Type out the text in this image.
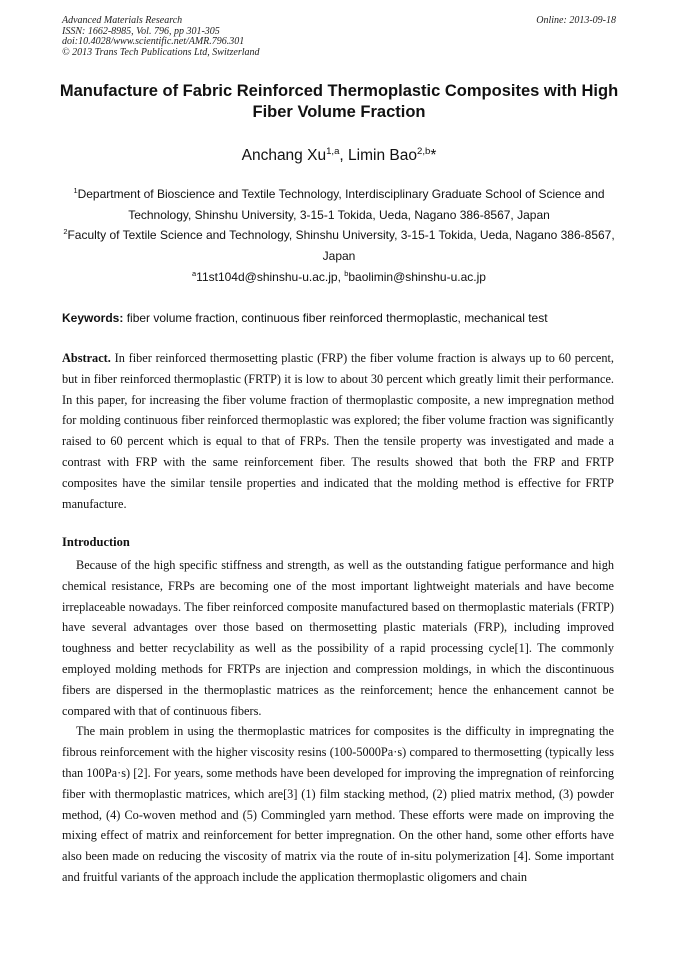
Advanced Materials Research
ISSN: 1662-8985, Vol. 796, pp 301-305
doi:10.4028/www.scientific.net/AMR.796.301
© 2013 Trans Tech Publications Ltd, Switzerland
Online: 2013-09-18
Manufacture of Fabric Reinforced Thermoplastic Composites with High Fiber Volume Fraction
Anchang Xu$^{1,a}$, Limin Bao$^{2,b}$*

$^1$Department of Bioscience and Textile Technology, Interdisciplinary Graduate School of Science and Technology, Shinshu University, 3-15-1 Tokida, Ueda, Nagano 386-8567, Japan

$^2$Faculty of Textile Science and Technology, Shinshu University, 3-15-1 Tokida, Ueda, Nagano 386-8567, Japan

$^a$11st104d@shinshu-u.ac.jp, $^b$baolimin@shinshu-u.ac.jp

Keywords: fiber volume fraction, continuous fiber reinforced thermoplastic, mechanical test

Abstract. In fiber reinforced thermosetting plastic (FRP) the fiber volume fraction is always up to 60 percent, but in fiber reinforced thermoplastic (FRTP) it is low to about 30 percent which greatly limit their performance. In this paper, for increasing the fiber volume fraction of thermoplastic composite, a new impregnation method for molding continuous fiber reinforced thermoplastic was explored; the fiber volume fraction was significantly raised to 60 percent which is equal to that of FRPs. Then the tensile property was investigated and made a contrast with FRP with the same reinforcement fiber. The results showed that both the FRP and FRTP composites have the similar tensile properties and indicated that the molding method is effective for FRTP manufacture.

Introduction

Because of the high specific stiffness and strength, as well as the outstanding fatigue performance and high chemical resistance, FRPs are becoming one of the most important lightweight materials and have become irreplaceable nowadays. The fiber reinforced composite manufactured based on thermoplastic materials (FRTP) have several advantages over those based on thermosetting plastic materials (FRP), including improved toughness and better recyclability as well as the possibility of a rapid processing cycle[1]. The commonly employed molding methods for FRTPs are injection and compression moldings, in which the discontinuous fibers are dispersed in the thermoplastic matrices as the reinforcement; hence the enhancement cannot be compared with that of continuous fibers.

The main problem in using the thermoplastic matrices for composites is the difficulty in impregnating the fibrous reinforcement with the higher viscosity resins (100-5000Pa·s) compared to thermosetting (typically less than 100Pa·s) [2]. For years, some methods have been developed for improving the impregnation of reinforcing fiber with thermoplastic matrices, which are[3] (1) film stacking method, (2) plied matrix method, (3) powder method, (4) Co-woven method and (5) Commingled yarn method. These efforts were made on improving the mixing effect of matrix and reinforcement for better impregnation. On the other hand, some other efforts have also been made on reducing the viscosity of matrix via the route of in-situ polymerization [4]. Some important and fruitful variants of the approach include the application thermoplastic oligomers and chain
